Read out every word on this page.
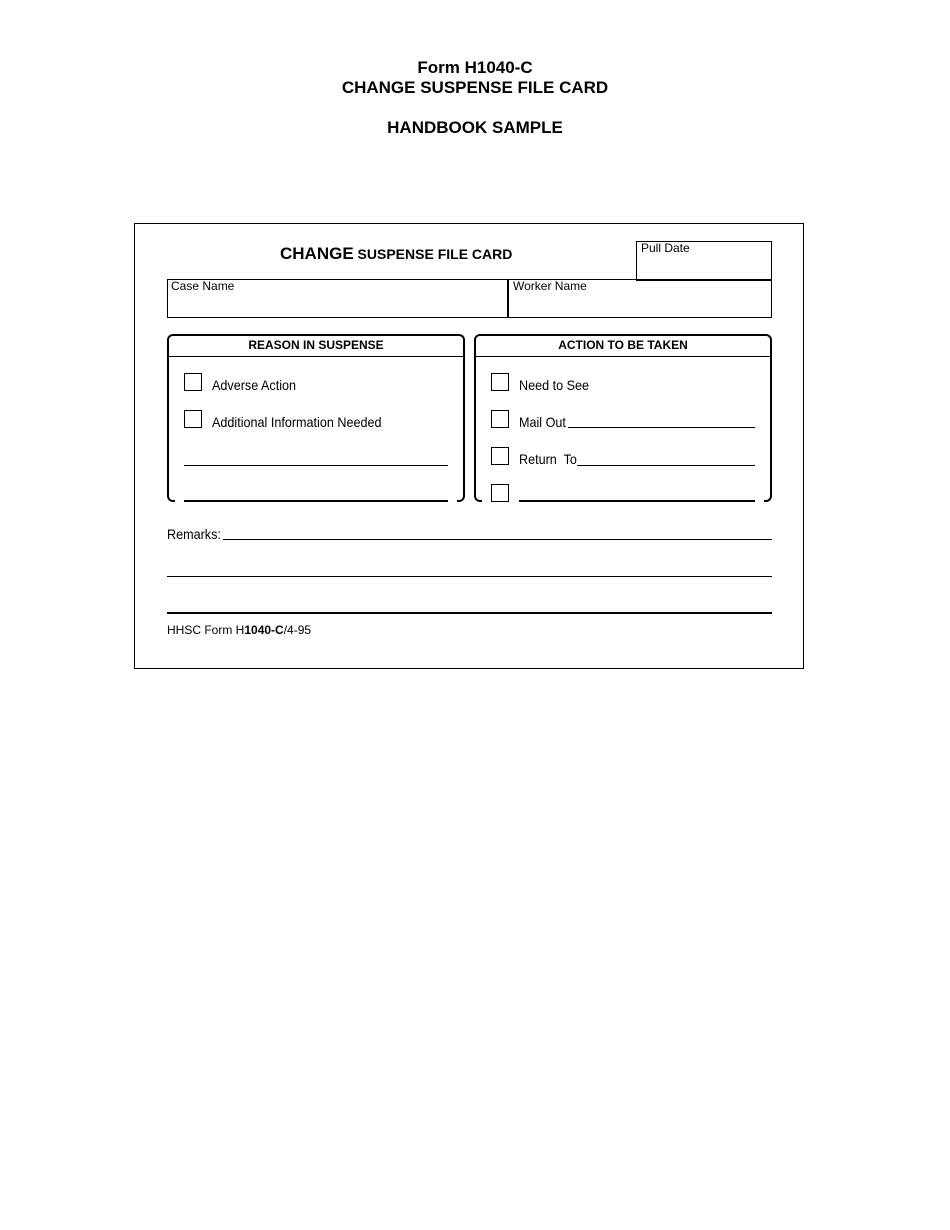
Form H1040-C
CHANGE SUSPENSE FILE CARD
HANDBOOK SAMPLE
CHANGE SUSPENSE FILE CARD	Pull Date
Case Name	Worker Name
REASON IN SUSPENSE
Adverse Action
Additional Information Needed
ACTION TO BE TAKEN
Need to See
Mail Out
Return  To
Remarks:
HHSC Form H1040-C/4-95
